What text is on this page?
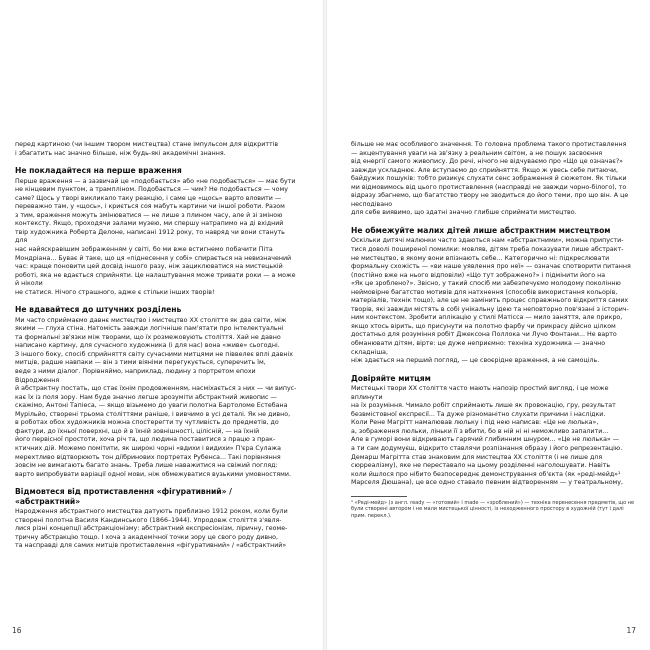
перед картиною (чи іншим твором мистецтва) стане імпульсом для відкриттів

і збагатить нас значно більше, ніж будь-які академічні знання.

Не покладайтеся на перше враження

Перше враження — а зазвичай це «подобається» або «не подобається» — має бути

не кінцевим пунктом, а трампліном. Подобається — чим? Не подобається — чому

саме? Щось у творі викликало таку реакцію, і саме це «щось» варто вловити —

переважно там, у «щось», і криється соя мабуть картини чи іншої роботи. Разом

з тим, враження можуть змінюватися — не лише з плином часу, але й зі зміною

контексту. Якщо, проходячи залами музею, ми спершу натрапимо на ді вхідний

твір художника Роберта Делоне, написані 1912 року, то навряд чи вони стануть для

нас найяскравішим зображенням у світі, бо ми вже встигнемо побачити Піта

Мондріана... Буває й таке, що ця «піднесення у собі» спирається на невизначений

час: краще поновити цей досвід іншого разу, ніж зациклюватися на мистецькій

роботі, яка не вдається сприйняти. Це налаштування може тривати роки — а може й ніколи

не статися. Нічого страшного, адже є стільки інших творів!

Не вдавайтеся до штучних розділень

Ми часто сприймаємо давнє мистецтво і мистецтво XX століття як два світи, між

якими — глуха стіна. Натомість завжди логічніше пам'ятати про інтелектуальні

та формальні зв'язки між творами, що їх розмежовують століття. Хай не давно

написано картину, для сучасного художника (і для нас) вона «живе» сьогодні.

З іншого боку, спосіб сприйняття світу сучасними митцями не піввелеє вплі давніх

митців, радше навпаки — він з тими віяніми перегукується, суперечить їм,

веде з ними діалог. Порівняймо, наприклад, людину з портретом епохи Відродження

й абстрактну постать, що стає їхнім продовженням, насміхається з них — чи випус-

кає їх із поля зору. Нам буде значно легше зрозуміти абстрактний живопис —

скажімо, Антоні Тапіеса, — якщо візьмемо до уваги полотна Бартоломе Естебана

Мурільйо, створені трьома століттями раніше, і вивчимо в усі деталі. Як не дивно,

в роботах обох художників можна спостерегти ту чутливість до предметів, до

фактури, до їхньої поверхні, що й в їхній зовнішності, цілісній, — на їхній

його первісної простоти, хоча річ та, що людина поставитися з працю з прак-

ктичних дій. Можемо помітити, як широкі чорні «вдихи і видихи» П'єра Сулажа

мерехтливо відтворюють тон діїбринових портретах Рубенса... Такі порівняння

зовсім не вимагають багато знань. Треба лише наважитися на свіжий погляд:

варто випробувати варіації одної мови, ніж обмежуватися вузькими умовностями.

Відмовтеся від протиставлення «фігуративний» / «абстрактний»

Народження абстрактного мистецтва датують приблизно 1912 роком, коли були

створені полотна Василя Кандинського (1866–1944). Упродовж століття з'явля-

лися різні концепції абстракціонізму: абстрактний експресіонізм, ліричну, геоме-

тричну абстракцію тощо. І хоча з академічної точки зору це свого роду дивно,

та насправді для самих митців протиставлення «фігуративний» / «абстрактний»

16

більше не має особливого значення. То головна проблема такого протиставлення

— акцентування уваги на зв'язку з реальним світом, а не пошук засвоєння

від енергії самого живопису. До речі, нічого не відчуваємо про «Що це означає?»

завжди ускладнює. Але вступаємо до сприйняття. Якщо ж увесь себе питаючи,

байдужих пошуків: тобто ризикує слухати сенс зображення й сюжетом. Як тільки

ми відмовимось від цього протиставлення (насправді не завжди чорно-білого), то

відразу збагнемо, що багатство твору не зводиться до його теми, про що він. А це несподівано

для себе виявимо, що здатні значно глибше сприймати мистецтво.

Не обмежуйте малих дітей лише абстрактним мистецтвом

Оскільки дитячі малюнки часто здаються нам «абстрактними», можна припусти-

тися доволі поширеної помилки: мовляв, дітям треба показувати лише абстракт-

не мистецтво, в якому вони впізнають себе... Категорично ні: підкреслювати

формальну схожість — «ви наше уявлення про неї» — означає спотворити питання

(постійно вже на нього відповіли) «Що тут зображено?» і підмінити його на

«Як це зроблено?». Звісно, у такий спосіб ми забезпечуємо молодому поколінню

неймовірне багатство мотивів для натхнення (способів використання кольорів,

матеріалів, технік тощо), але це не замінить процес справжнього відкриття самих

творів, які завжди містять в собі унікальну ідею та неповторно пов'язані з історич-

ним контекстом. Зробити аплікацію у стилі Матісса — мило заняття, але прикро,

якщо хтось вірить, що присунути на полотно фарбу чи прикрасу дійсно цілком

достатньо для розуміння робіт Джексона Поллока чи Лучо Фонтани... Не варто

обманювати дітям, вірте: це дуже неприємно: техніка художника — значно складніша,

ніж здається на перший погляд, — це своєрідне враження, а не самоціль.

Довіряйте митцям

Мистецькі твори XX століття часто мають напозір простий вигляд, і це може вплинути

на їх розуміння. Чимало робіт сприймають лише як провокацію, гру, результат

безвмістовної експресії... Та дуже різноманітно слухати причини і наслідки.

Коли Рене Магрітт намалював люльку і під нею написав: «Це не люлька»,

а, зображення люльки, ліньки її з вбити, бо в ній ні ні неможливо запалити...

Але в гуморі вони відкривають гарячий глибинним шнуром... «Це не люлька» —

а ти сам додумуєш, відкрито ставлячи розпізнання образу і його репрезентацію.

Демарш Магрітта став знаковим для мистецтва XX століття (і не лише для

сюрреалізму), яке не переставало на цьому розділенні наголошувати. Навіть

коли йшлося про нібито безпосереднє демонстрування об'єкта (як «реді-мейд»¹

Марселя Дюшана), це все одно ставало певним відтворенням — у театральному,

¹ «Реді-мейд» (з англ. ready — «готовий» і made — «зроблений») — техніка перенесення предметів, що не були створені автором і не мали мистецької цінності, із неходженного простору в художній (тут і далі прим. перекл.).

17
